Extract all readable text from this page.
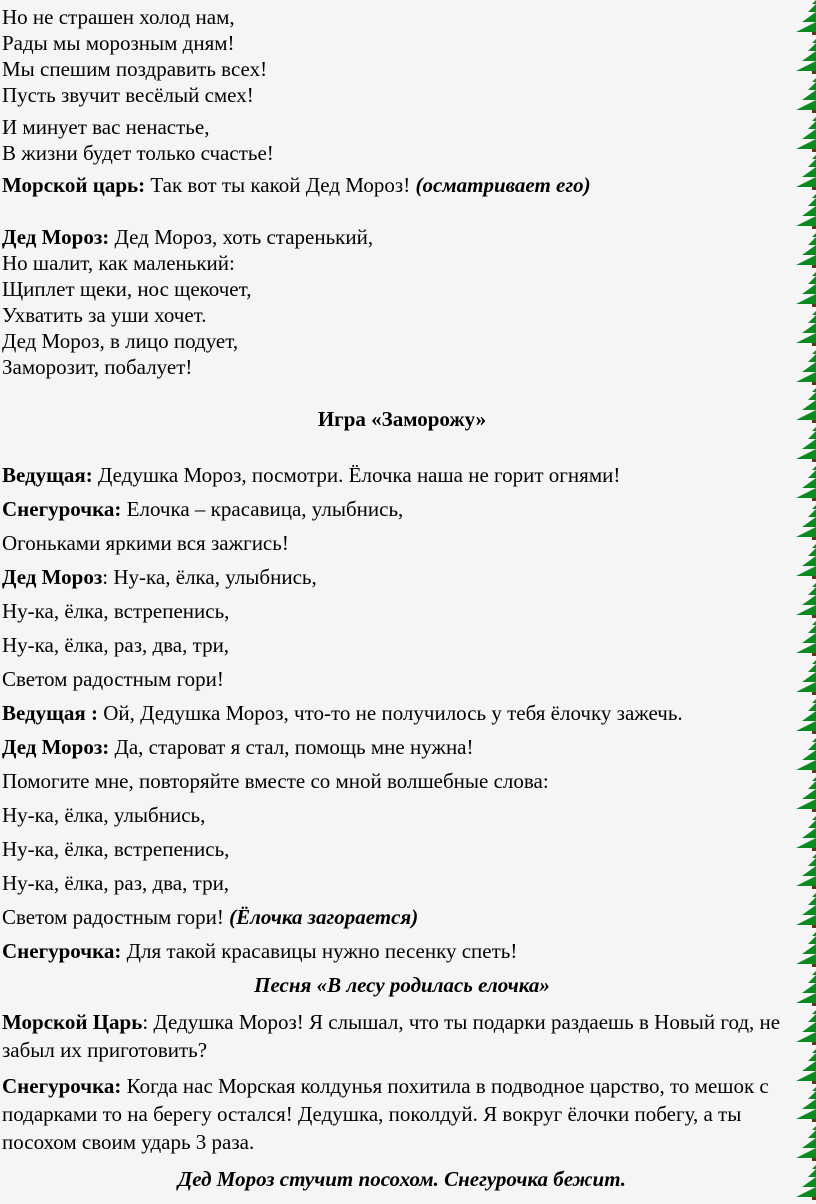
Но не страшен холод нам,
Рады мы морозным дням!
Мы спешим поздравить всех!
Пусть звучит весёлый смех!
И минует вас ненастье,
В жизни будет только счастье!
Морской царь: Так вот ты какой Дед Мороз! (осматривает его)
Дед Мороз: Дед Мороз, хоть старенький,
Но шалит, как маленький:
Щиплет щеки, нос щекочет,
Ухватить за уши хочет.
Дед Мороз, в лицо подует,
Заморозит, побалует!
Игра «Заморожу»
Ведущая: Дедушка Мороз, посмотри. Ёлочка наша не горит огнями!
Снегурочка: Елочка – красавица, улыбнись,
Огоньками яркими вся зажгись!
Дед Мороз: Ну-ка, ёлка, улыбнись,
Ну-ка, ёлка, встрепенись,
Ну-ка, ёлка, раз, два, три,
Светом радостным гори!
Ведущая : Ой, Дедушка Мороз, что-то не получилось у тебя ёлочку зажечь.
Дед Мороз: Да, староват я стал, помощь мне нужна!
Помогите мне, повторяйте вместе со мной волшебные слова:
Ну-ка, ёлка, улыбнись,
Ну-ка, ёлка, встрепенись,
Ну-ка, ёлка, раз, два, три,
Светом радостным гори! (Ёлочка загорается)
Снегурочка: Для такой красавицы нужно песенку спеть!
Песня «В лесу родилась елочка»
Морской Царь: Дедушка Мороз! Я слышал, что ты подарки раздаешь в Новый год, не забыл их приготовить?
Снегурочка: Когда нас Морская колдунья похитила в подводное царство, то мешок с подарками то на берегу остался! Дедушка, поколдуй. Я вокруг ёлочки побегу, а ты посохом своим ударь 3 раза.
Дед Мороз стучит посохом. Снегурочка бежит.
